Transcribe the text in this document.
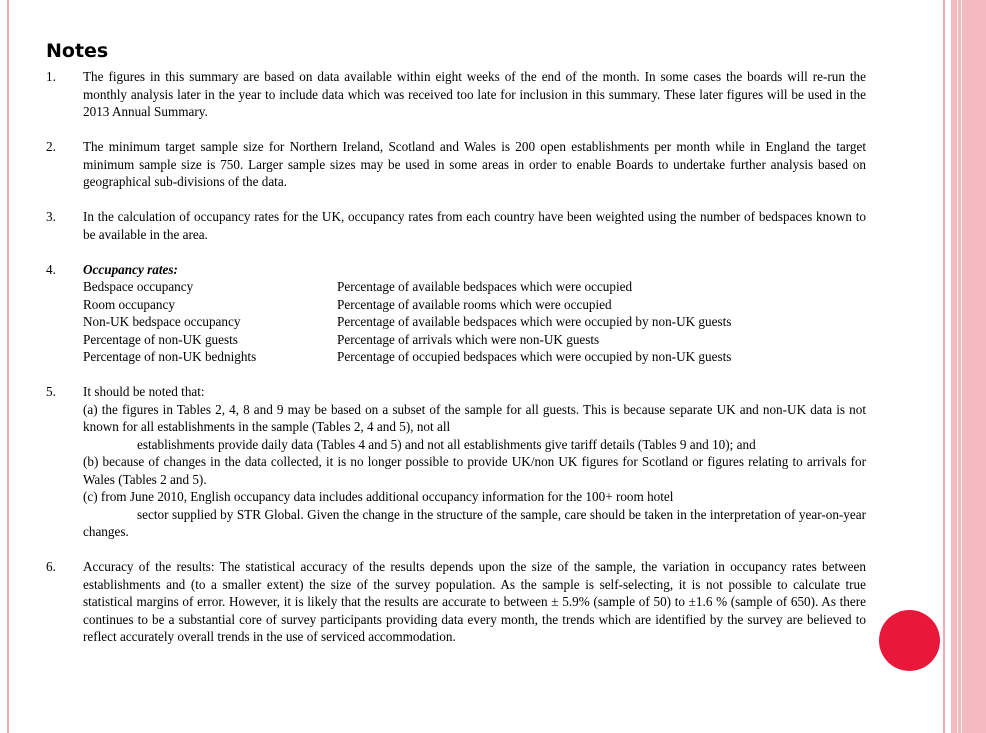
Notes
1.	The figures in this summary are based on data available within eight weeks of the end of the month. In some cases the boards will re-run the monthly analysis later in the year to include data which was received too late for inclusion in this summary. These later figures will be used in the 2013 Annual Summary.
2.	The minimum target sample size for Northern Ireland, Scotland and Wales is 200 open establishments per month while in England the target minimum sample size is 750. Larger sample sizes may be used in some areas in order to enable Boards to undertake further analysis based on geographical sub-divisions of the data.
3.	In the calculation of occupancy rates for the UK, occupancy rates from each country have been weighted using the number of bedspaces known to be available in the area.
4.	Occupancy rates:
Bedspace occupancy	Percentage of available bedspaces which were occupied
Room occupancy	Percentage of available rooms which were occupied
Non-UK bedspace occupancy	Percentage of available bedspaces which were occupied by non-UK guests
Percentage of non-UK guests	Percentage of arrivals which were non-UK guests
Percentage of non-UK bednights	Percentage of occupied bedspaces which were occupied by non-UK guests
5.	It should be noted that:
(a) the figures in Tables 2, 4, 8 and 9 may be based on a subset of the sample for all guests. This is because separate UK and non-UK data is not known for all establishments in the sample (Tables 2, 4 and 5), not all
establishments provide daily data (Tables 4 and 5) and not all establishments give tariff details (Tables 9 and 10); and
(b) because of changes in the data collected, it is no longer possible to provide UK/non UK figures for Scotland or figures relating to arrivals for Wales (Tables 2 and 5).
(c) from June 2010, English occupancy data includes additional occupancy information for the 100+ room hotel
sector supplied by STR Global. Given the change in the structure of the sample, care should be taken in the interpretation of year-on-year changes.
6.	Accuracy of the results: The statistical accuracy of the results depends upon the size of the sample, the variation in occupancy rates between establishments and (to a smaller extent) the size of the survey population. As the sample is self-selecting, it is not possible to calculate true statistical margins of error. However, it is likely that the results are accurate to between ± 5.9% (sample of 50) to ±1.6 % (sample of 650). As there continues to be a substantial core of survey participants providing data every month, the trends which are identified by the survey are believed to reflect accurately overall trends in the use of serviced accommodation.
